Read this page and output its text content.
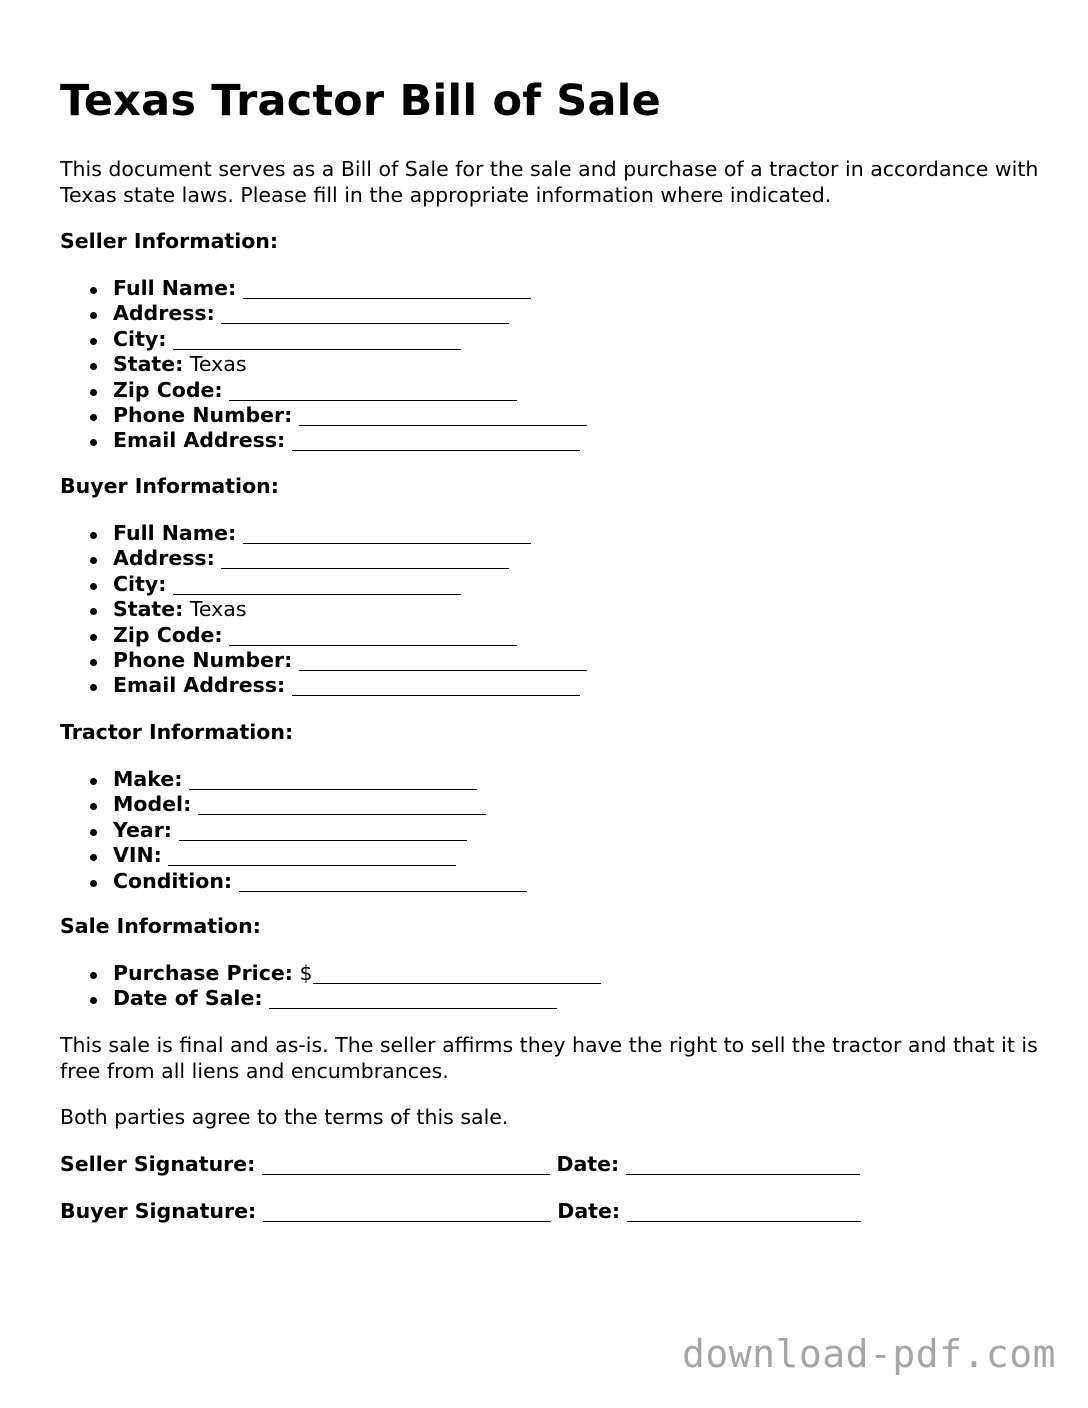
Texas Tractor Bill of Sale

This document serves as a Bill of Sale for the sale and purchase of a tractor in accordance with Texas state laws. Please fill in the appropriate information where indicated.

Seller Information:

Full Name:
Address:
City:
State: Texas
Zip Code:
Phone Number:
Email Address:

Buyer Information:

Full Name:
Address:
City:
State: Texas
Zip Code:
Phone Number:
Email Address:

Tractor Information:

Make:
Model:
Year:
VIN:
Condition:

Sale Information:

Purchase Price: $
Date of Sale:

This sale is final and as-is. The seller affirms they have the right to sell the tractor and that it is free from all liens and encumbrances.

Both parties agree to the terms of this sale.

Seller Signature:	Date:

Buyer Signature:	Date:

download-pdf.com
